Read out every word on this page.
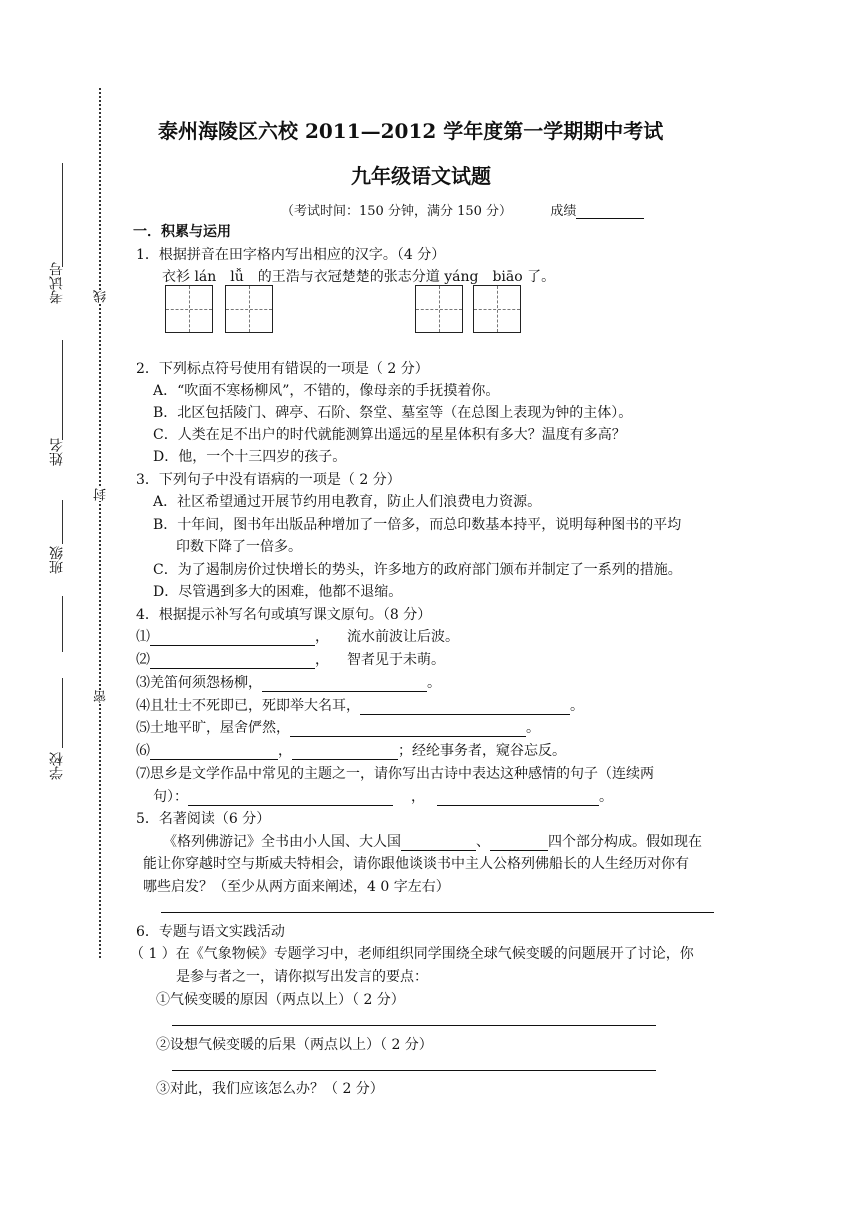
考试号
姓名
班级
学校
线
封
密
泰州海陵区六校 2011—2012 学年度第一学期期中考试
九年级语文试题
（考试时间：150 分钟，满分 150 分）	成绩
一．积累与运用
1．根据拼音在田字格内写出相应的汉字。（4 分）
衣衫 lán　lǚ　的王浩与衣冠楚楚的张志分道 yáng　biāo 了。
2．下列标点符号使用有错误的一项是（ 2 分）
A．“吹面不寒杨柳风”，不错的，像母亲的手抚摸着你。
B．北区包括陵门、碑亭、石阶、祭堂、墓室等（在总图上表现为钟的主体）。
C．人类在足不出户的时代就能测算出遥远的星星体积有多大？温度有多高？
D．他，一个十三四岁的孩子。
3．下列句子中没有语病的一项是（ 2 分）
A．社区希望通过开展节约用电教育，防止人们浪费电力资源。
B．十年间，图书年出版品种增加了一倍多，而总印数基本持平，说明每种图书的平均
印数下降了一倍多。
C．为了遏制房价过快增长的势头，许多地方的政府部门颁布并制定了一系列的措施。
D．尽管遇到多大的困难，他都不退缩。
4．根据提示补写名句或填写课文原句。（8 分）
⑴	， 流水前波让后波。
⑵	， 智者见于未萌。
⑶羌笛何须怨杨柳，	。
⑷且壮士不死即已，死即举大名耳，	。
⑸土地平旷，屋舍俨然，	。
⑹	，	；经纶事务者，窥谷忘反。
⑺思乡是文学作品中常见的主题之一，请你写出古诗中表达这种感情的句子（连续两
句）：	，	。
5．名著阅读（6 分）
《格列佛游记》全书由小人国、大人国	、	四个部分构成。假如现在
能让你穿越时空与斯威夫特相会，请你跟他谈谈书中主人公格列佛船长的人生经历对你有
哪些启发？（至少从两方面来阐述，4 0 字左右）
6．专题与语文实践活动
（ 1 ）在《气象物候》专题学习中，老师组织同学围绕全球气候变暖的问题展开了讨论，你
是参与者之一，请你拟写出发言的要点：
①气候变暖的原因（两点以上）（ 2 分）
②设想气候变暖的后果（两点以上）（ 2 分）
③对此，我们应该怎么办？（ 2 分）
